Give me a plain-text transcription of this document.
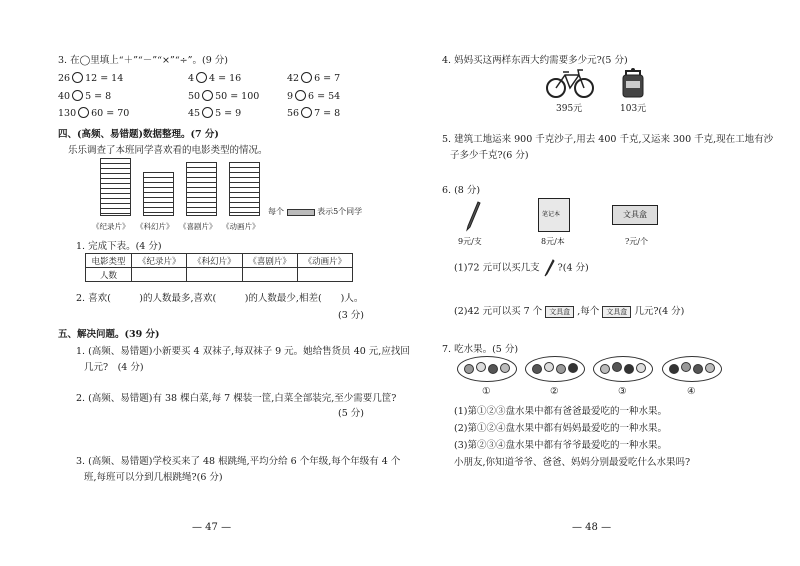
3. 在◯里填上“＋”“－”“×”“÷”。(9 分)
26 12 = 14	4 4 = 16	42 6 = 7
40 5 = 8	50 50 = 100	9 6 = 54
130 60 = 70	45 5 = 9	56 7 = 8
四、(高频、易错题)数据整理。(7 分)
乐乐调查了本班同学喜欢看的电影类型的情况。
《纪录片》 《科幻片》 《喜剧片》 《动画片》
每个	表示5个同学
1. 完成下表。(4 分)
电影类型	《纪录片》	《科幻片》	《喜剧片》	《动画片》
人数				
2. 喜欢(　　　)的人数最多,喜欢(　　　)的人数最少,相差(　　)人。
(3 分)
五、解决问题。(39 分)
1. (高频、易错题)小新要买 4 双袜子,每双袜子 9 元。她给售货员 40 元,应找回
几元?　(4 分)
2. (高频、易错题)有 38 棵白菜,每 7 棵装一筐,白菜全部装完,至少需要几筐?
(5 分)
3. (高频、易错题)学校买来了 48 根跳绳,平均分给 6 个年级,每个年级有 4 个
班,每班可以分到几根跳绳?(6 分)
— 47 —
4. 妈妈买这两样东西大约需要多少元?(5 分)
395元	103元
5. 建筑工地运来 900 千克沙子,用去 400 千克,又运来 300 千克,现在工地有沙
子多少千克?(6 分)
6. (8 分)
9元/支
笔记本
8元/本
文具盒
?元/个
(1)72 元可以买几支 ?(4 分)
(2)42 元可以买 7 个 文具盒 ,每个 文具盒 几元?(4 分)
7. 吃水果。(5 分)
①	②	③	④
(1)第①②③盘水果中都有爸爸最爱吃的一种水果。
(2)第①②④盘水果中都有妈妈最爱吃的一种水果。
(3)第②③④盘水果中都有爷爷最爱吃的一种水果。
小朋友,你知道爷爷、爸爸、妈妈分别最爱吃什么水果吗?
— 48 —
